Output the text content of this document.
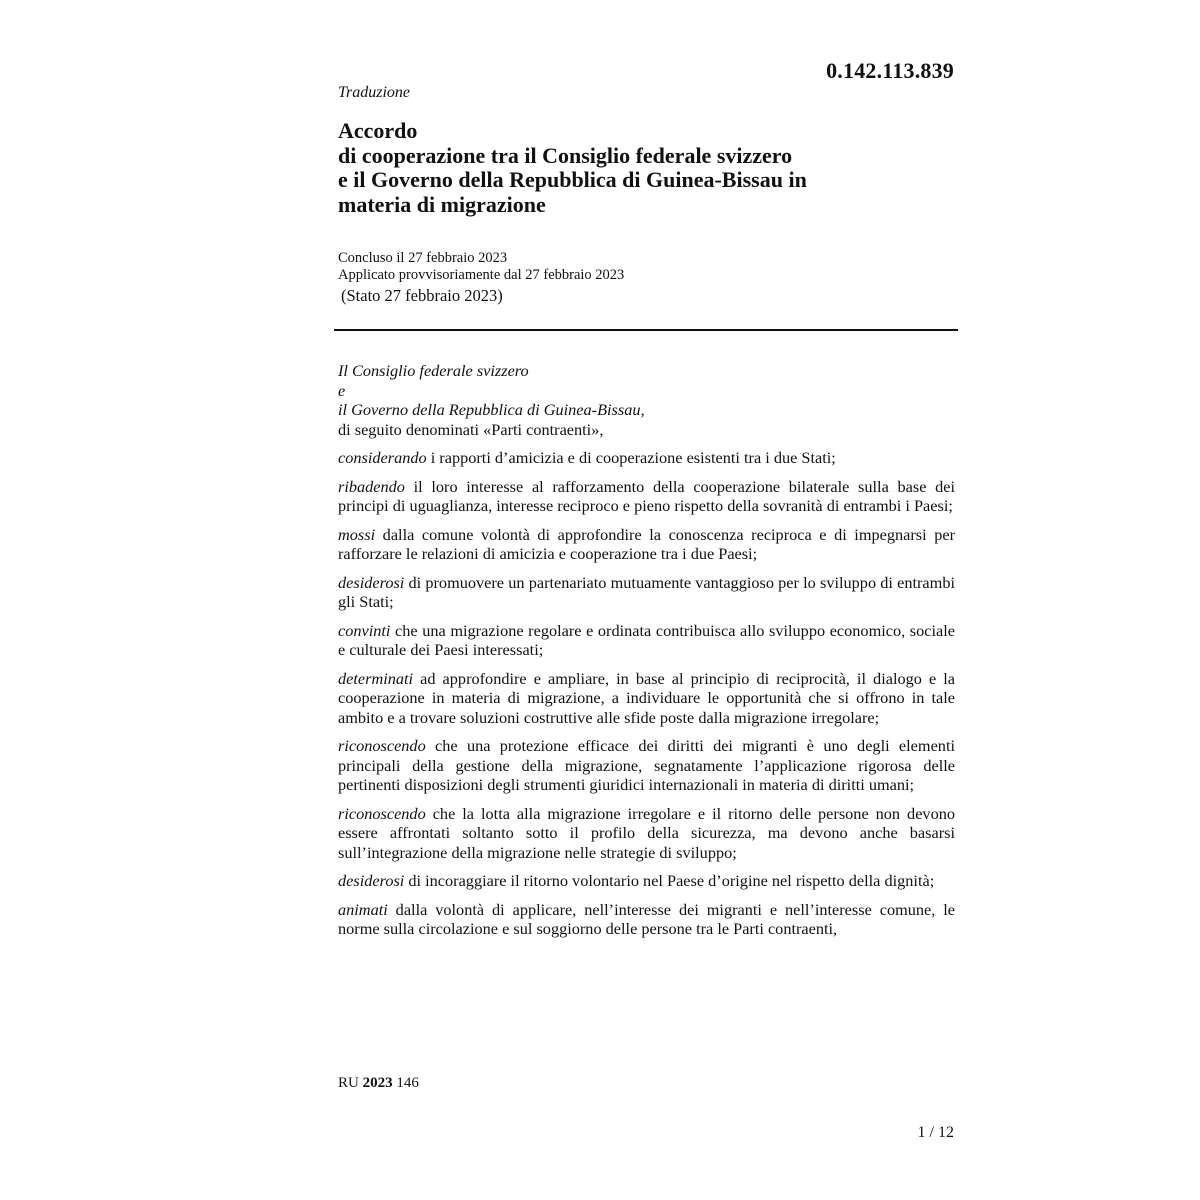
0.142.113.839
Traduzione
Accordo
di cooperazione tra il Consiglio federale svizzero
e il Governo della Repubblica di Guinea-Bissau in
materia di migrazione
Concluso il 27 febbraio 2023
Applicato provvisoriamente dal 27 febbraio 2023
(Stato 27 febbraio 2023)
Il Consiglio federale svizzero
e
il Governo della Repubblica di Guinea-Bissau,
di seguito denominati «Parti contraenti»,

considerando i rapporti d’amicizia e di cooperazione esistenti tra i due Stati;

ribadendo il loro interesse al rafforzamento della cooperazione bilaterale sulla base dei principi di uguaglianza, interesse reciproco e pieno rispetto della sovranità di entrambi i Paesi;

mossi dalla comune volontà di approfondire la conoscenza reciproca e di impegnarsi per rafforzare le relazioni di amicizia e cooperazione tra i due Paesi;

desiderosi di promuovere un partenariato mutuamente vantaggioso per lo sviluppo di entrambi gli Stati;

convinti che una migrazione regolare e ordinata contribuisca allo sviluppo economico, sociale e culturale dei Paesi interessati;

determinati ad approfondire e ampliare, in base al principio di reciprocità, il dialogo e la cooperazione in materia di migrazione, a individuare le opportunità che si offrono in tale ambito e a trovare soluzioni costruttive alle sfide poste dalla migrazione irregolare;

riconoscendo che una protezione efficace dei diritti dei migranti è uno degli elementi principali della gestione della migrazione, segnatamente l’applicazione rigorosa delle pertinenti disposizioni degli strumenti giuridici internazionali in materia di diritti umani;

riconoscendo che la lotta alla migrazione irregolare e il ritorno delle persone non devono essere affrontati soltanto sotto il profilo della sicurezza, ma devono anche basarsi sull’integrazione della migrazione nelle strategie di sviluppo;

desiderosi di incoraggiare il ritorno volontario nel Paese d’origine nel rispetto della dignità;

animati dalla volontà di applicare, nell’interesse dei migranti e nell’interesse comune, le norme sulla circolazione e sul soggiorno delle persone tra le Parti contraenti,

RU 2023 146
1 / 12
